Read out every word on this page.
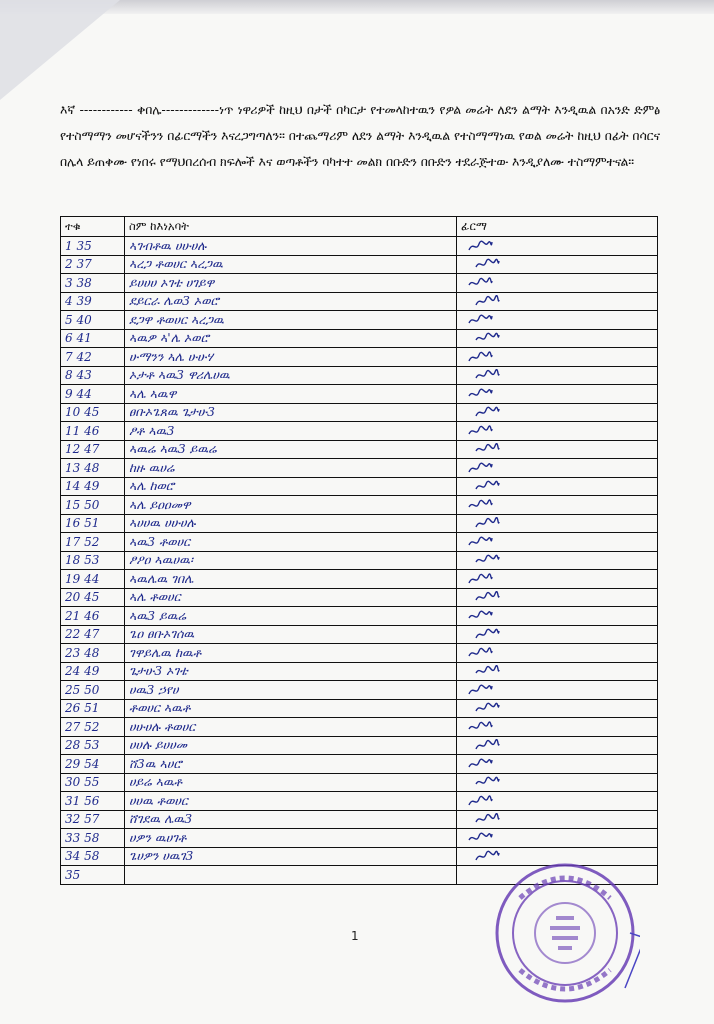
እኛ ------------ ቀበሌ-------------ነጥ ነዋሪዎች ከዚህ በታች በካርታ የተመላከተዉን የዎል መሬት ለደን ልማት እንዲዉል በአንድ ድምፅ የተስማማን መሆናችንን በፊርማችን እናረጋግጣለን። በተጨማሪም ለደን ልማት እንዲዉል የተስማማነዉ የወል መሬት ከዚህ በፊት በሳርና በሌላ ይጠቀሙ የነበሩ የማህበረሰብ ክፍሎች እና ወጣቶችን ባካተተ መልክ በቡድን በቡድን ተደራጅተው እንዲያለሙ ተስማምተናል።

ተቁ	ስም ከእነአባት	ፊርማ
1 35	ኣገብቶዉ ሀሁሀሉ	
2 37	ኣረጋ ቶወሀር ኣረጋዉ	
3 38	ይሀሀሀ ኦገቴ ሀገይዋ	
4 39	ደይርራ ሌወ3 ኦወሮ	
5 40	ደጋዋ ቶወሀር ኣረጋዉ	
6 41	ኣዉዎ ኣ'ሌ ኦወሮ	
7 42	ሁማንን ኣሌ ሁሁሃ	
8 43	ኦታቶ ኣዉ3 ዋሪሌሀዉ	
9 44	ኣሌ ኣዉዋ	
10 45	ፀቡኦጌጸዉ ጌታሁ3	
11 46	ፆቶ ኣዉ3	
12 47	ኣዉሬ ኣዉ3 ይዉሬ	
13 48	ከዙ ዉሀሬ	
14 49	ኣሌ ከወሮ	
15 50	ኣሌ ይዐዐመዋ	
16 51	ኣሀሀዉ ሀሁሀሉ	
17 52	ኣዉ3 ቶወሀር	
18 53	ፆዖዐ ኣዉሀዉ፡	
19 44	ኣዉሌዉ ገበሌ	
20 45	ኣሌ ቶወሀር	
21 46	ኣዉ3 ይዉሬ	
22 47	ጌዐ ፀቡኦገሰዉ	
23 48	ገዋይሌዉ ከዉቶ	
24 49	ጌታሁ3 ኦገቴ	
25 50	ሀዉ3 ኃየሀ	
26 51	ቶወሀር ኣዉቶ	
27 52	ሀሁሀሉ ቶወሀር	
28 53	ሀሀሉ ይሀሀመ	
29 54	ሸ3ዉ ኣሀሮ	
30 55	ሀይሬ ኣዉቶ	
31 56	ሀሀዉ ቶወሀር	
32 57	ሸገደዉ ሌዉ3	
33 58	ሀዎን ዉሀገቶ	
34 58	ጌሀዎን ሀዉገ3	
35		
1
